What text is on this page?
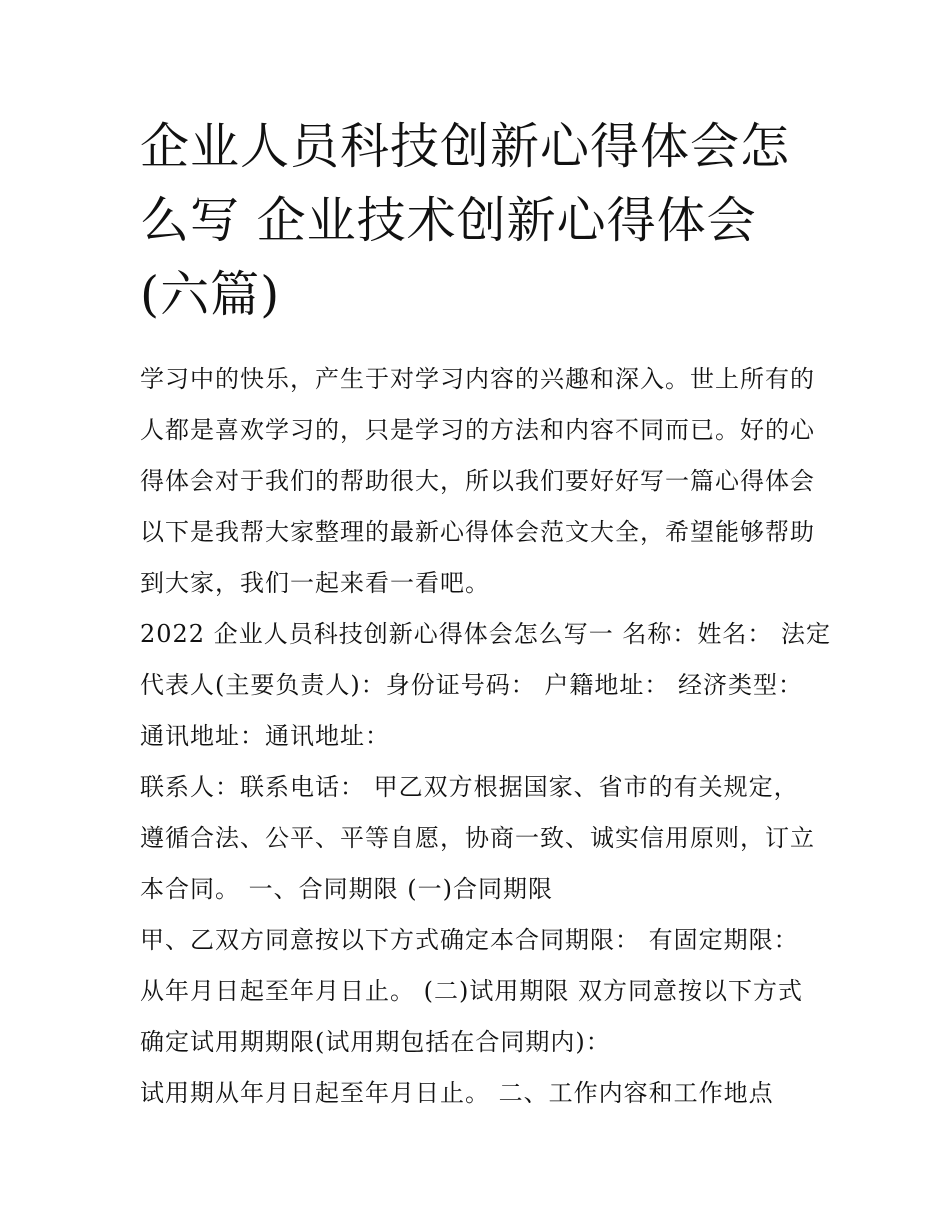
企业人员科技创新心得体会怎
么写 企业技术创新心得体会
(六篇)

学习中的快乐，产生于对学习内容的兴趣和深入。世上所有的
人都是喜欢学习的，只是学习的方法和内容不同而已。好的心
得体会对于我们的帮助很大，所以我们要好好写一篇心得体会
以下是我帮大家整理的最新心得体会范文大全，希望能够帮助
到大家，我们一起来看一看吧。

2022 企业人员科技创新心得体会怎么写一 名称：姓名： 法定
代表人(主要负责人)：身份证号码： 户籍地址： 经济类型：
通讯地址：通讯地址：

联系人：联系电话： 甲乙双方根据国家、省市的有关规定，
遵循合法、公平、平等自愿，协商一致、诚实信用原则，订立
本合同。 一、合同期限 (一)合同期限

甲、乙双方同意按以下方式确定本合同期限： 有固定期限：
从年月日起至年月日止。 (二)试用期限 双方同意按以下方式
确定试用期期限(试用期包括在合同期内)：

试用期从年月日起至年月日止。 二、工作内容和工作地点
